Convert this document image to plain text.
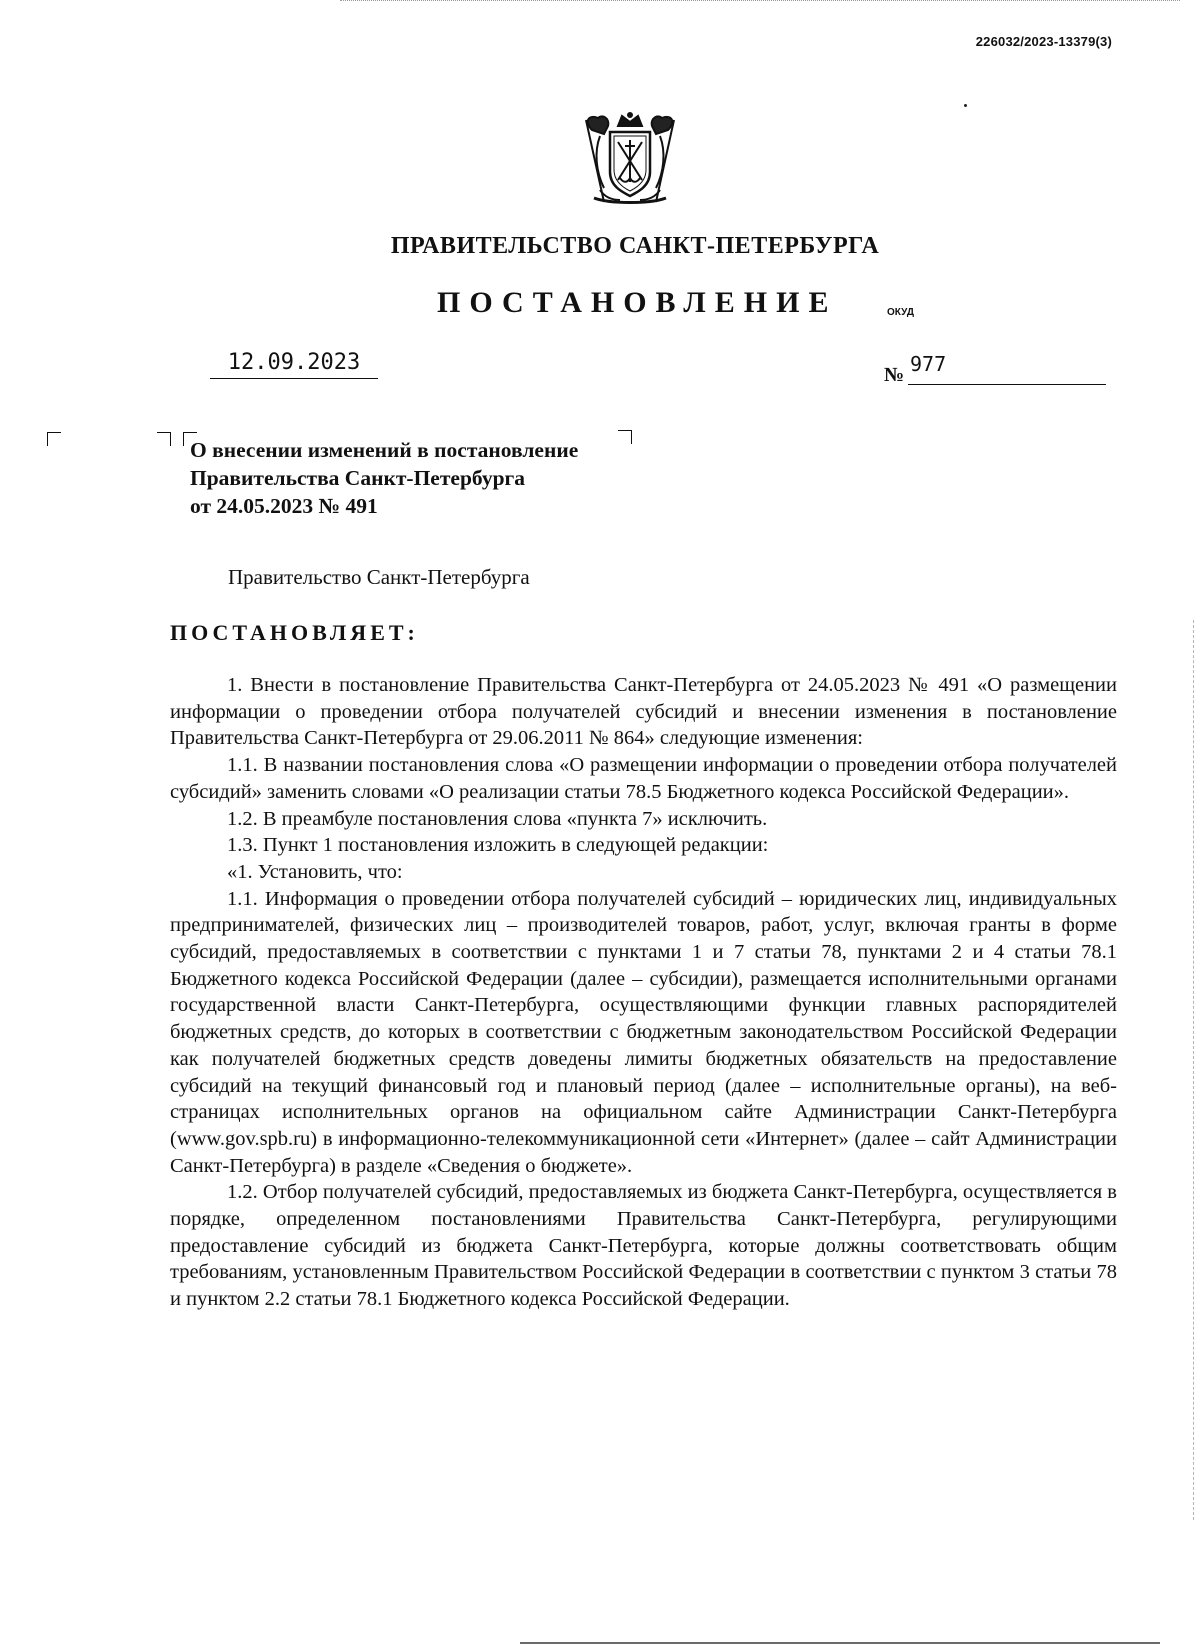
226032/2023-13379(3)
ПРАВИТЕЛЬСТВО САНКТ-ПЕТЕРБУРГА
ПОСТАНОВЛЕНИЕ	ОКУД
12.09.2023	№ 977
О внесении изменений в постановление
Правительства Санкт-Петербурга
от 24.05.2023 № 491
Правительство Санкт-Петербурга
ПОСТАНОВЛЯЕТ:

1. Внести в постановление Правительства Санкт-Петербурга от 24.05.2023 № 491 «О размещении информации о проведении отбора получателей субсидий и внесении изменения в постановление Правительства Санкт-Петербурга от 29.06.2011 № 864» следующие изменения:

1.1. В названии постановления слова «О размещении информации о проведении отбора получателей субсидий» заменить словами «О реализации статьи 78.5 Бюджетного кодекса Российской Федерации».

1.2. В преамбуле постановления слова «пункта 7» исключить.

1.3. Пункт 1 постановления изложить в следующей редакции:

«1. Установить, что:

1.1. Информация о проведении отбора получателей субсидий – юридических лиц, индивидуальных предпринимателей, физических лиц – производителей товаров, работ, услуг, включая гранты в форме субсидий, предоставляемых в соответствии с пунктами 1 и 7 статьи 78, пунктами 2 и 4 статьи 78.1 Бюджетного кодекса Российской Федерации (далее – субсидии), размещается исполнительными органами государственной власти Санкт-Петербурга, осуществляющими функции главных распорядителей бюджетных средств, до которых в соответствии с бюджетным законодательством Российской Федерации как получателей бюджетных средств доведены лимиты бюджетных обязательств на предоставление субсидий на текущий финансовый год и плановый период (далее – исполнительные органы), на веб-страницах исполнительных органов на официальном сайте Администрации Санкт-Петербурга (www.gov.spb.ru) в информационно-телекоммуникационной сети «Интернет» (далее – сайт Администрации Санкт-Петербурга) в разделе «Сведения о бюджете».

1.2. Отбор получателей субсидий, предоставляемых из бюджета Санкт-Петербурга, осуществляется в порядке, определенном постановлениями Правительства Санкт-Петербурга, регулирующими предоставление субсидий из бюджета Санкт-Петербурга, которые должны соответствовать общим требованиям, установленным Правительством Российской Федерации в соответствии с пунктом 3 статьи 78 и пунктом 2.2 статьи 78.1 Бюджетного кодекса Российской Федерации.
